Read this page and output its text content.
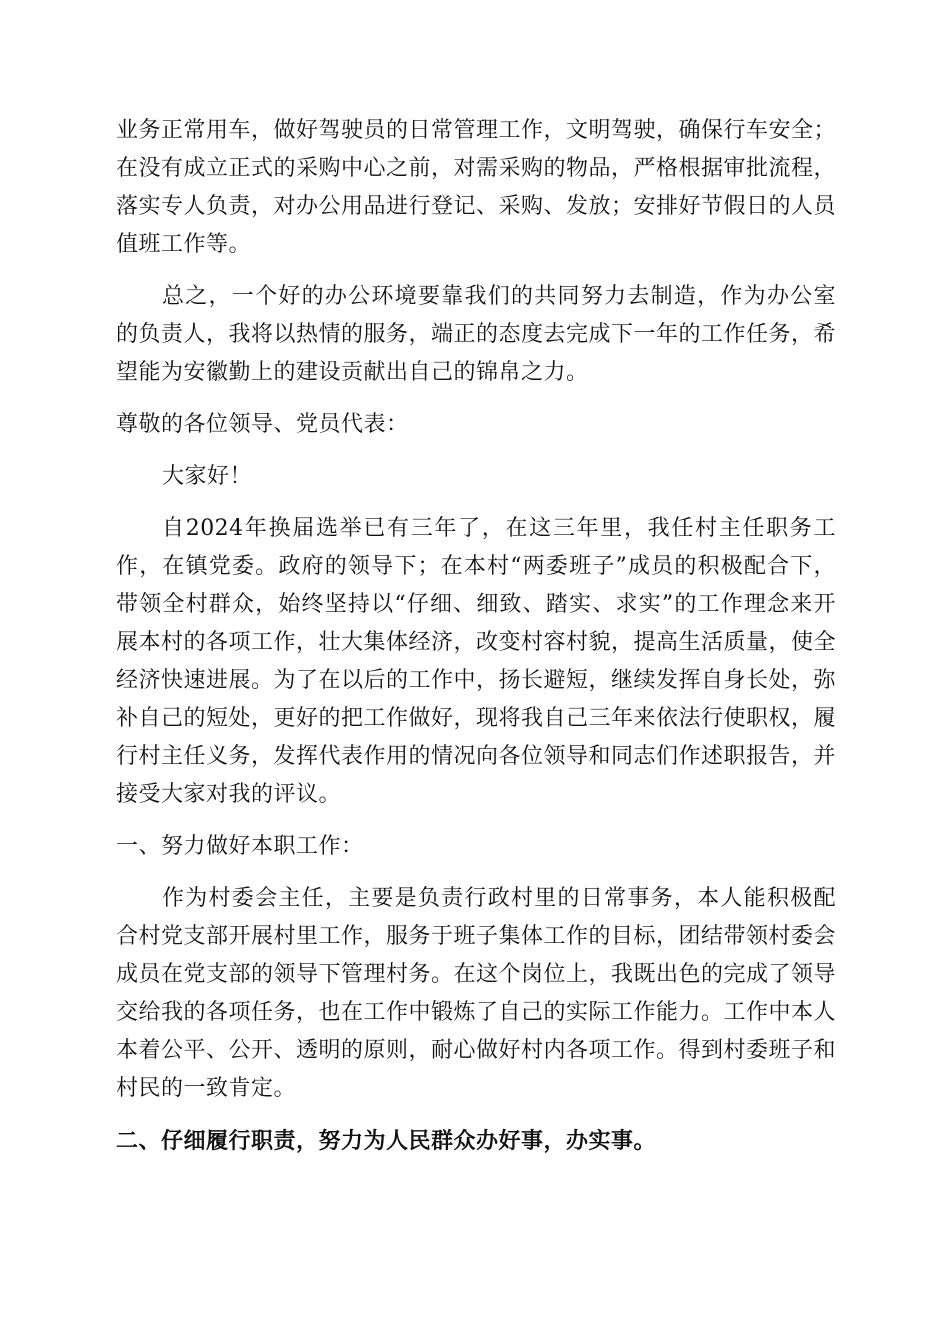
业务正常用车，做好驾驶员的日常管理工作，文明驾驶，确保行车安全；在没有成立正式的采购中心之前，对需采购的物品，严格根据审批流程，落实专人负责，对办公用品进行登记、采购、发放；安排好节假日的人员值班工作等。

总之，一个好的办公环境要靠我们的共同努力去制造，作为办公室的负责人，我将以热情的服务，端正的态度去完成下一年的工作任务，希望能为安徽勤上的建设贡献出自己的锦帛之力。

尊敬的各位领导、党员代表：

大家好！

自2024年换届选举已有三年了，在这三年里，我任村主任职务工作，在镇党委。政府的领导下；在本村“两委班子”成员的积极配合下，带领全村群众，始终坚持以“仔细、细致、踏实、求实”的工作理念来开展本村的各项工作，壮大集体经济，改变村容村貌，提高生活质量，使全经济快速进展。为了在以后的工作中，扬长避短，继续发挥自身长处，弥补自己的短处，更好的把工作做好，现将我自己三年来依法行使职权，履行村主任义务，发挥代表作用的情况向各位领导和同志们作述职报告，并接受大家对我的评议。

一、努力做好本职工作：

作为村委会主任，主要是负责行政村里的日常事务，本人能积极配合村党支部开展村里工作，服务于班子集体工作的目标，团结带领村委会成员在党支部的领导下管理村务。在这个岗位上，我既出色的完成了领导交给我的各项任务，也在工作中锻炼了自己的实际工作能力。工作中本人本着公平、公开、透明的原则，耐心做好村内各项工作。得到村委班子和村民的一致肯定。

二、仔细履行职责，努力为人民群众办好事，办实事。
